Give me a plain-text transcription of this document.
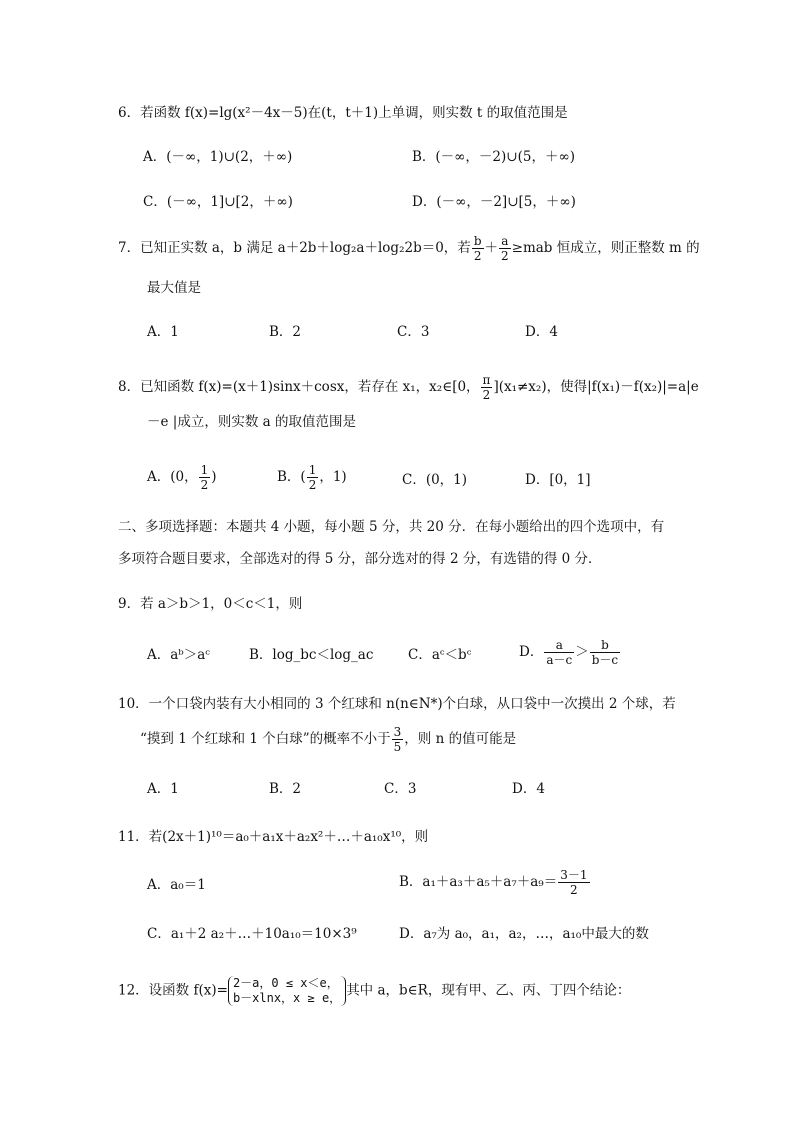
6．若函数 f(x)=lg(x²－4x－5)在(t，t＋1)上单调，则实数 t 的取值范围是
A．(－∞，1)∪(2，＋∞)	B．(－∞，－2)∪(5，＋∞)
C．(－∞，1]∪[2，＋∞)	D．(－∞，－2]∪[5，＋∞)
7．已知正实数 a，b 满足 a＋2b＋log₂a＋log₂2b＝0，若 $\frac{b}{2} + \frac{a}{2} \ge mab$ 恒成立，则正整数 m 的
最大值是
A．1	B．2	C．3	D．4
8．已知函数 f(x)=(x＋1)sinx＋cosx，若存在 x₁，x₂∈[0， $\frac{\pi}{2} ](x_1\ne x_2)$，使得|f(x₁)－f(x₂)|=a|e
－e |成立，则实数 a 的取值范围是
A．(0， $\frac{1}{2}$ )	B．( $\frac{1}{2}$ ，1)	C．(0，1)	D．[0，1]
二、多项选择题：本题共 4 小题，每小题 5 分，共 20 分．在每小题给出的四个选项中，有
多项符合题目要求，全部选对的得 5 分，部分选对的得 2 分，有选错的得 0 分．
9．若 a＞b＞1，0＜c＜1，则
A．aᵇ＞aᶜ	B．log_bc＜log_ac	C．aᶜ＜bᶜ	D． $\frac{a}{a-c} > \frac{b}{b-c}$
10．一个口袋内装有大小相同的 3 个红球和 n(n∈N*)个白球，从口袋中一次摸出 2 个球，若
“摸到 1 个红球和 1 个白球”的概率不小于 $\frac{3}{5}$ ，则 n 的值可能是
A．1	B．2	C．3	D．4
11．若(2x＋1)¹⁰＝a₀＋a₁x＋a₂x²＋…＋a₁₀x¹⁰，则
A．a₀＝1	B．$a_1+a_3+a_5+a_7+a_9= \frac{3-1}{2}$
C．a₁＋2 a₂＋…＋10a₁₀＝10×3⁹	D．a₇为 a₀，a₁，a₂，…，a₁₀中最大的数
12．设函数 f(x)= 2－a，0 ≤ x＜e，
b－xlnx，x ≥ e， 其中 a，b∈R，现有甲、乙、丙、丁四个结论：
